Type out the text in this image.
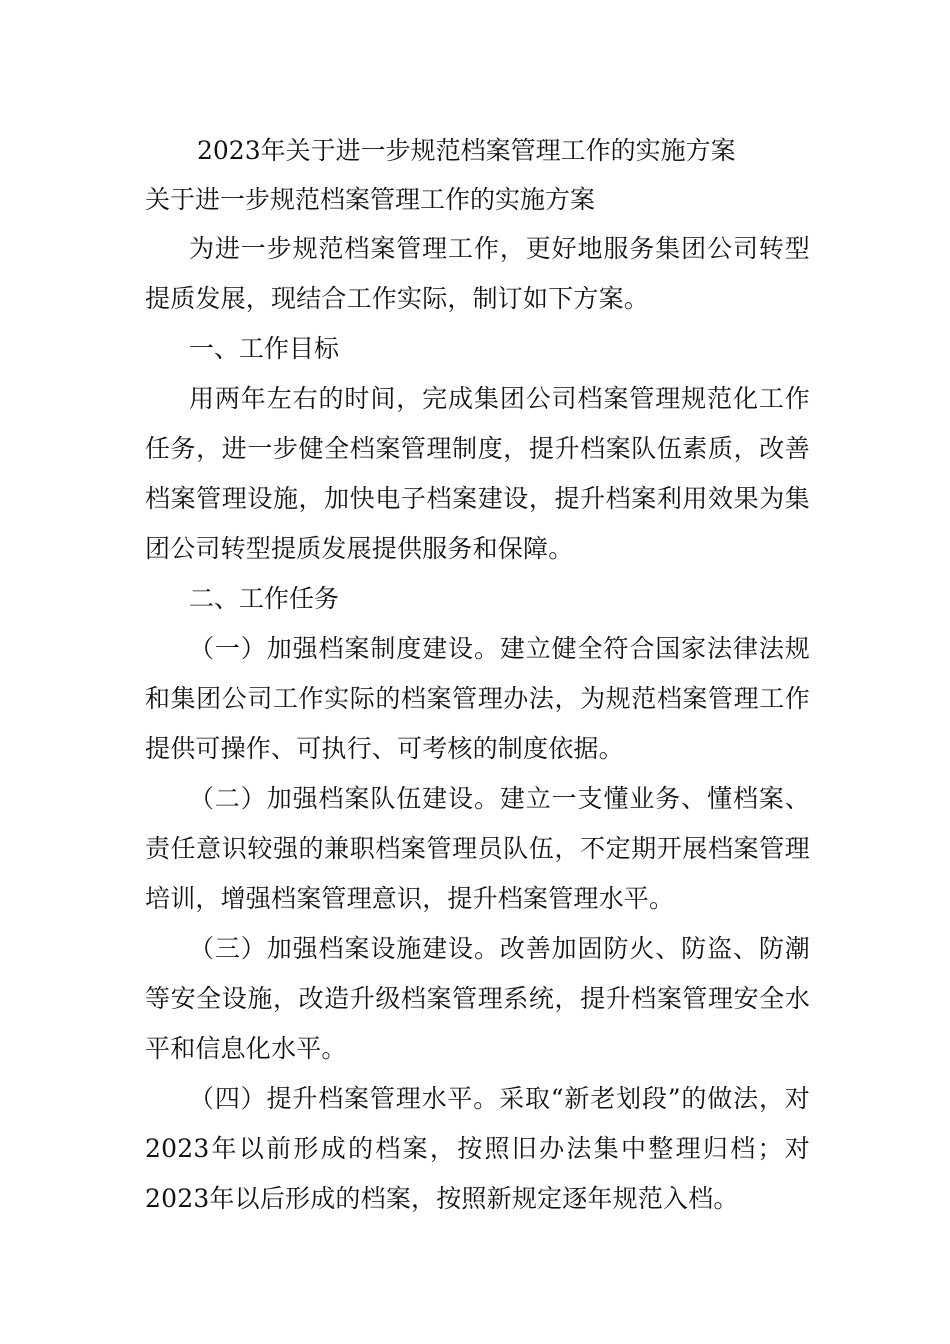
2023年关于进一步规范档案管理工作的实施方案
关于进一步规范档案管理工作的实施方案

为进一步规范档案管理工作，更好地服务集团公司转型提质发展，现结合工作实际，制订如下方案。

一、工作目标

用两年左右的时间，完成集团公司档案管理规范化工作任务，进一步健全档案管理制度，提升档案队伍素质，改善档案管理设施，加快电子档案建设，提升档案利用效果为集团公司转型提质发展提供服务和保障。

二、工作任务

（一）加强档案制度建设。建立健全符合国家法律法规和集团公司工作实际的档案管理办法，为规范档案管理工作提供可操作、可执行、可考核的制度依据。

（二）加强档案队伍建设。建立一支懂业务、懂档案、责任意识较强的兼职档案管理员队伍，不定期开展档案管理培训，增强档案管理意识，提升档案管理水平。

（三）加强档案设施建设。改善加固防火、防盗、防潮等安全设施，改造升级档案管理系统，提升档案管理安全水平和信息化水平。

（四）提升档案管理水平。采取“新老划段”的做法，对2023年以前形成的档案，按照旧办法集中整理归档；对2023年以后形成的档案，按照新规定逐年规范入档。
